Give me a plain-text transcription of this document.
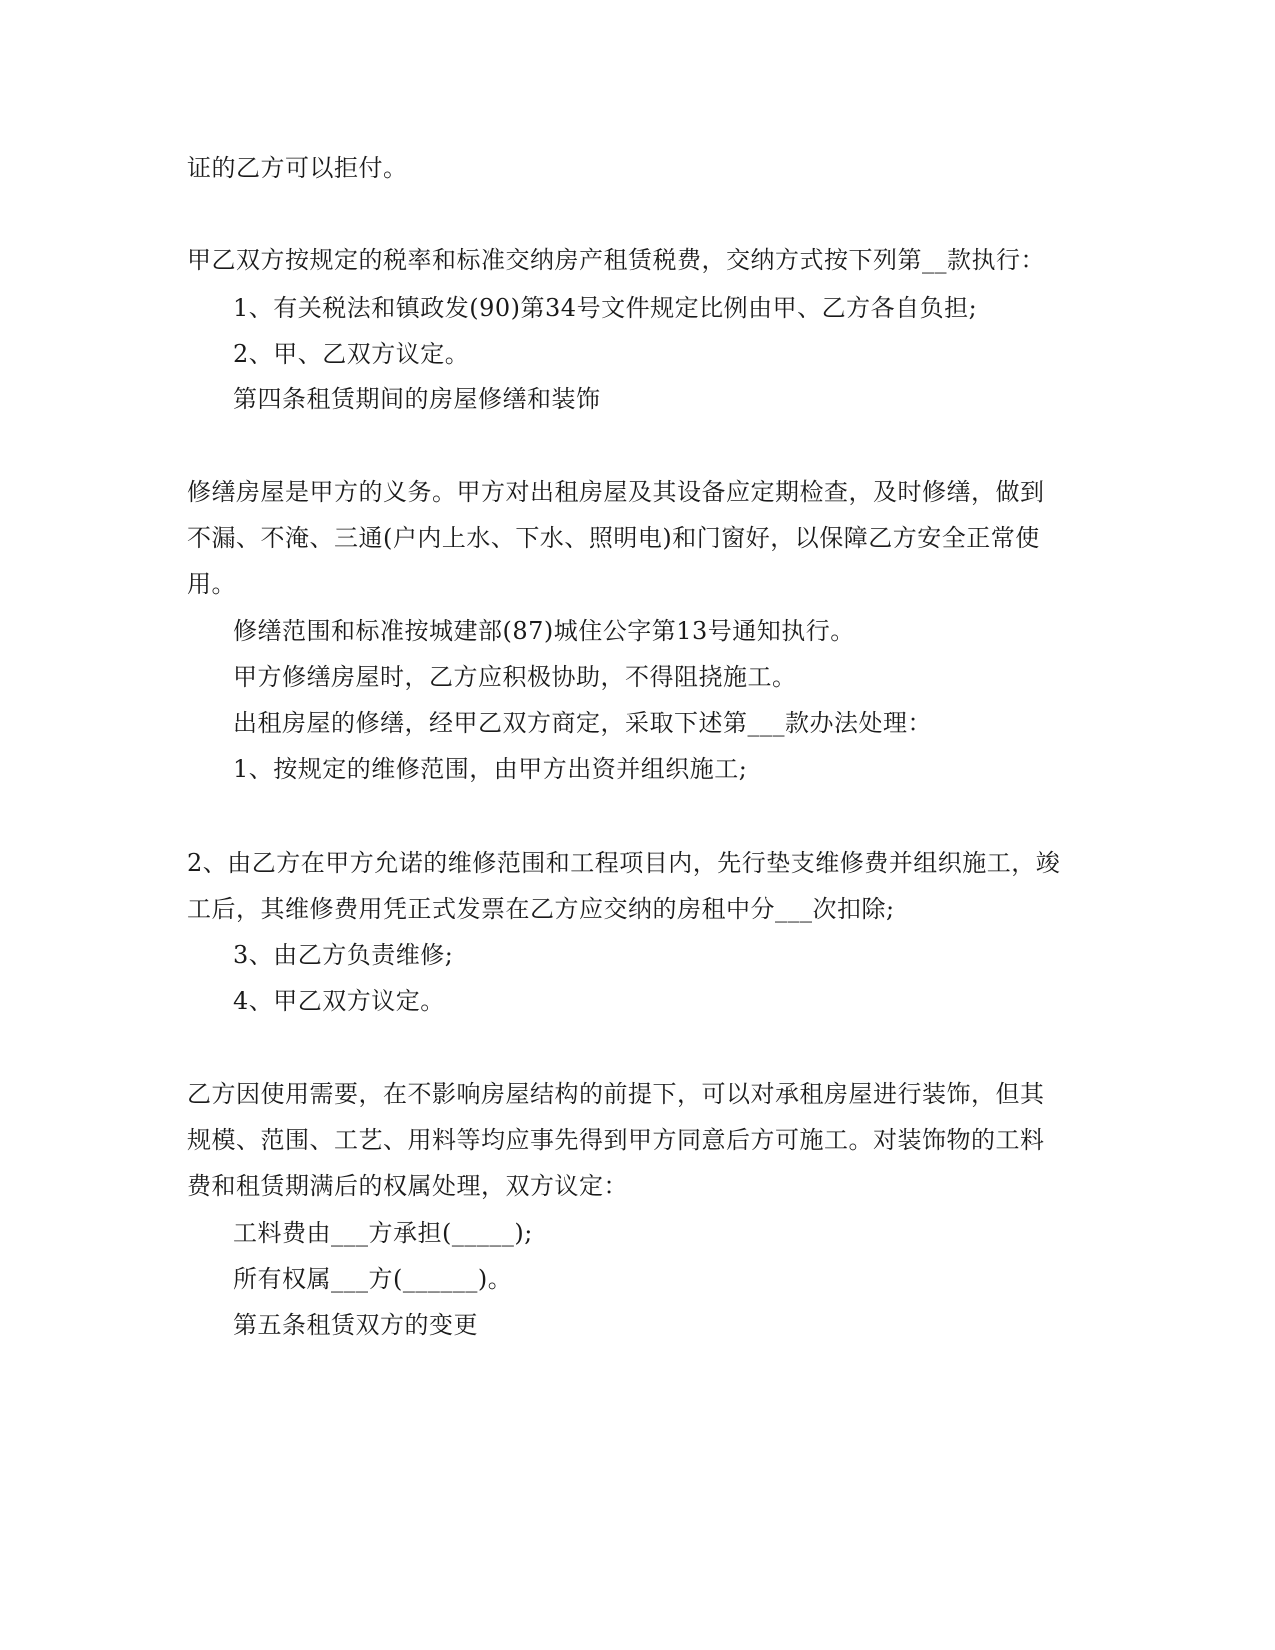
证的乙方可以拒付。
甲乙双方按规定的税率和标准交纳房产租赁税费，交纳方式按下列第__款执行：
1、有关税法和镇政发(90)第34号文件规定比例由甲、乙方各自负担;
2、甲、乙双方议定。
第四条租赁期间的房屋修缮和装饰
修缮房屋是甲方的义务。甲方对出租房屋及其设备应定期检查，及时修缮，做到
不漏、不淹、三通(户内上水、下水、照明电)和门窗好，以保障乙方安全正常使
用。
修缮范围和标准按城建部(87)城住公字第13号通知执行。
甲方修缮房屋时，乙方应积极协助，不得阻挠施工。
出租房屋的修缮，经甲乙双方商定，采取下述第___款办法处理：
1、按规定的维修范围，由甲方出资并组织施工;
2、由乙方在甲方允诺的维修范围和工程项目内，先行垫支维修费并组织施工，竣
工后，其维修费用凭正式发票在乙方应交纳的房租中分___次扣除;
3、由乙方负责维修;
4、甲乙双方议定。
乙方因使用需要，在不影响房屋结构的前提下，可以对承租房屋进行装饰，但其
规模、范围、工艺、用料等均应事先得到甲方同意后方可施工。对装饰物的工料
费和租赁期满后的权属处理，双方议定：
工料费由___方承担(_____);
所有权属___方(______)。
第五条租赁双方的变更
